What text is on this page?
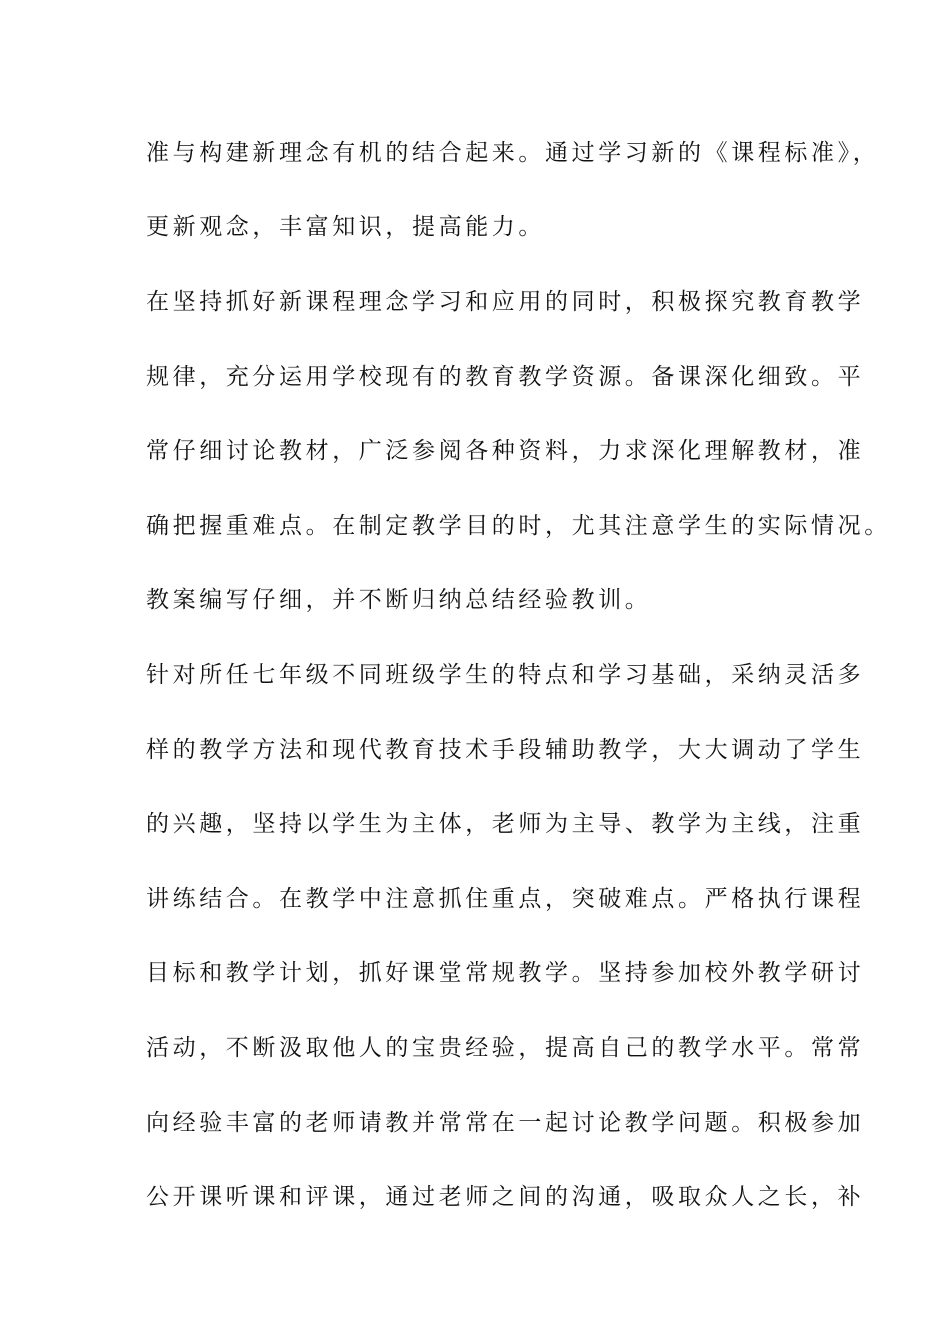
准与构建新理念有机的结合起来。通过学习新的《课程标准》，
更新观念，丰富知识，提高能力。
在坚持抓好新课程理念学习和应用的同时，积极探究教育教学
规律，充分运用学校现有的教育教学资源。备课深化细致。平
常仔细讨论教材，广泛参阅各种资料，力求深化理解教材，准
确把握重难点。在制定教学目的时，尤其注意学生的实际情况。
教案编写仔细，并不断归纳总结经验教训。
针对所任七年级不同班级学生的特点和学习基础，采纳灵活多
样的教学方法和现代教育技术手段辅助教学，大大调动了学生
的兴趣，坚持以学生为主体，老师为主导、教学为主线，注重
讲练结合。在教学中注意抓住重点，突破难点。严格执行课程
目标和教学计划，抓好课堂常规教学。坚持参加校外教学研讨
活动，不断汲取他人的宝贵经验，提高自己的教学水平。常常
向经验丰富的老师请教并常常在一起讨论教学问题。积极参加
公开课听课和评课，通过老师之间的沟通，吸取众人之长，补
